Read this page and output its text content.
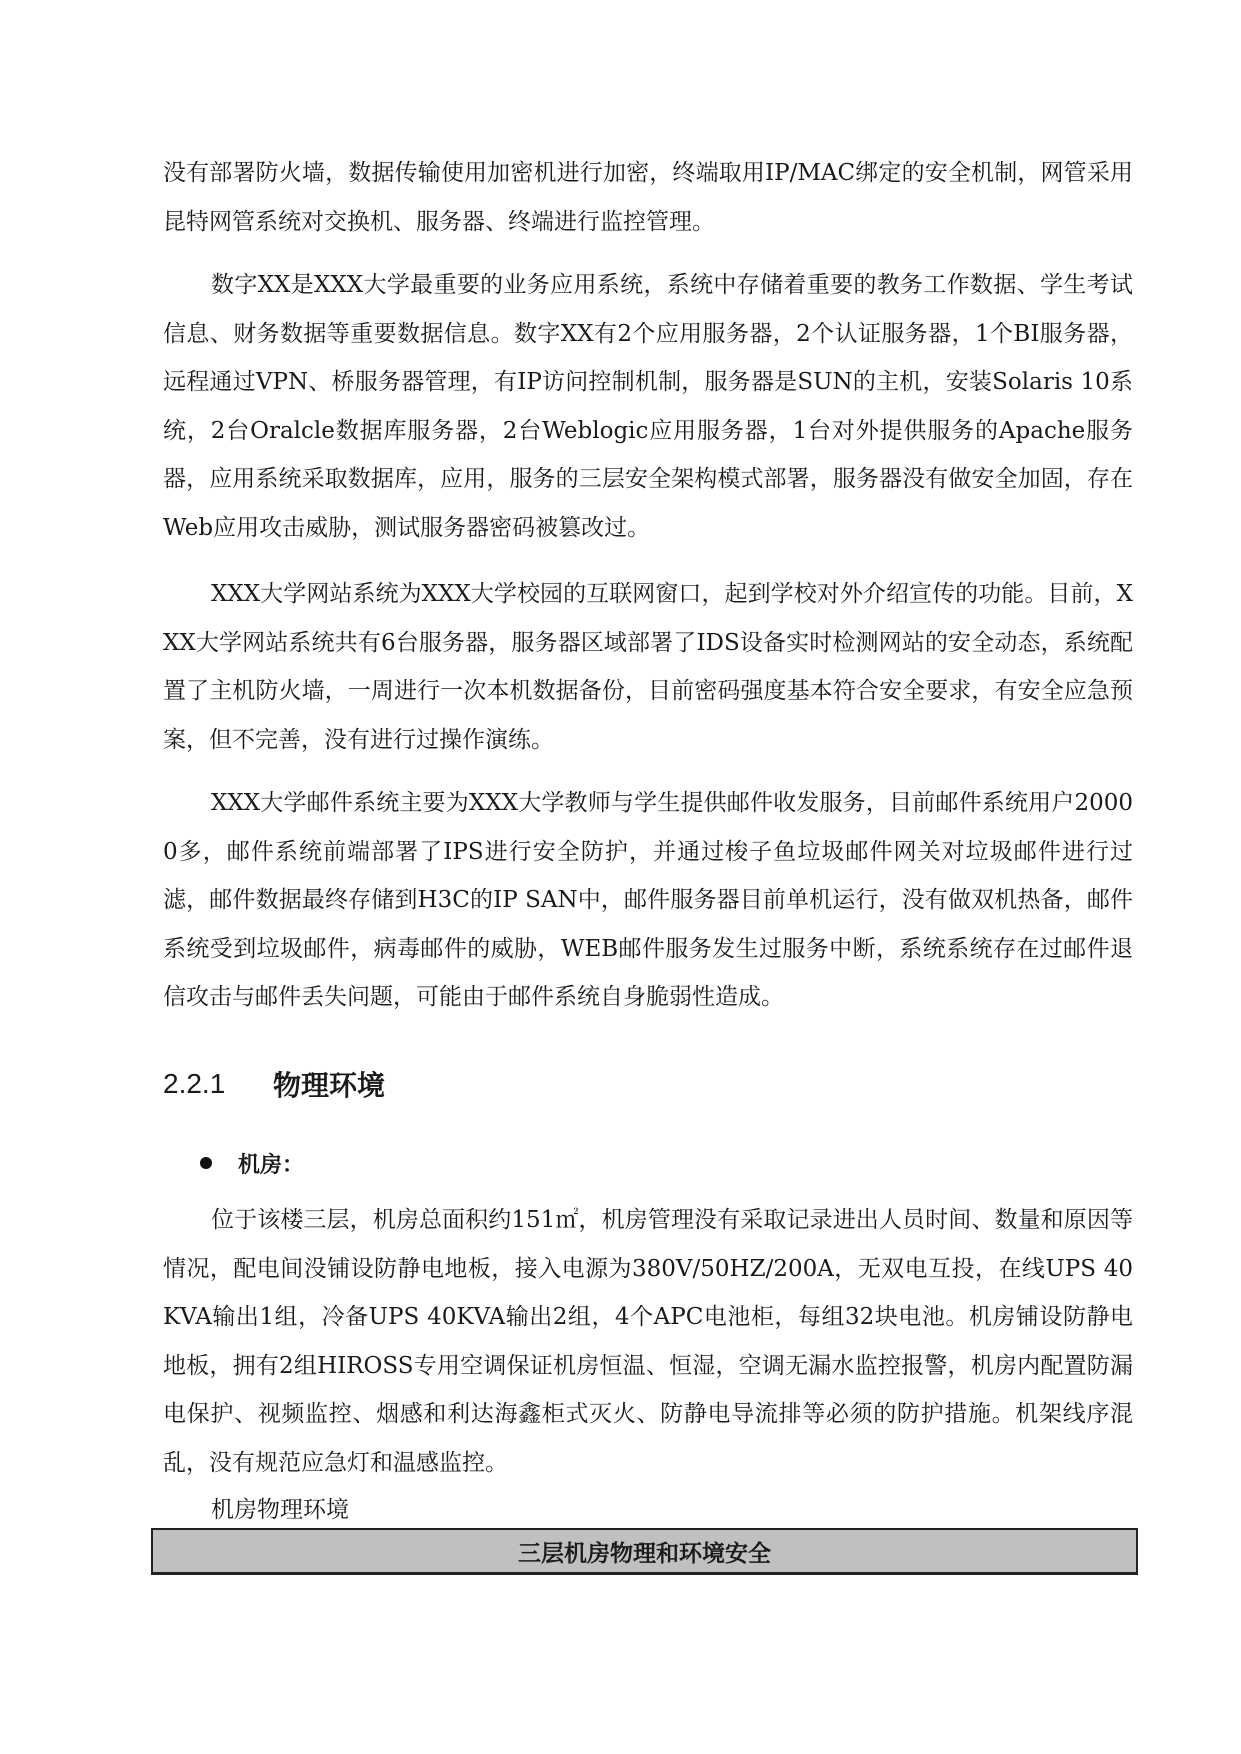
没有部署防火墙，数据传输使用加密机进行加密，终端取用IP/MAC绑定的安全机制，网管采用昆特网管系统对交换机、服务器、终端进行监控管理。

数字XX是XXX大学最重要的业务应用系统，系统中存储着重要的教务工作数据、学生考试信息、财务数据等重要数据信息。数字XX有2个应用服务器，2个认证服务器，1个BI服务器，远程通过VPN、桥服务器管理，有IP访问控制机制，服务器是SUN的主机，安装Solaris 10系统，2台Oralcle数据库服务器，2台Weblogic应用服务器，1台对外提供服务的Apache服务器，应用系统采取数据库，应用，服务的三层安全架构模式部署，服务器没有做安全加固，存在Web应用攻击威胁，测试服务器密码被篡改过。

XXX大学网站系统为XXX大学校园的互联网窗口，起到学校对外介绍宣传的功能。目前，XXX大学网站系统共有6台服务器，服务器区域部署了IDS设备实时检测网站的安全动态，系统配置了主机防火墙，一周进行一次本机数据备份，目前密码强度基本符合安全要求，有安全应急预案，但不完善，没有进行过操作演练。

XXX大学邮件系统主要为XXX大学教师与学生提供邮件收发服务，目前邮件系统用户20000多，邮件系统前端部署了IPS进行安全防护，并通过梭子鱼垃圾邮件网关对垃圾邮件进行过滤，邮件数据最终存储到H3C的IP SAN中，邮件服务器目前单机运行，没有做双机热备，邮件系统受到垃圾邮件，病毒邮件的威胁，WEB邮件服务发生过服务中断，系统系统存在过邮件退信攻击与邮件丢失问题，可能由于邮件系统自身脆弱性造成。

2.2.1	物理环境
机房：

位于该楼三层，机房总面积约151㎡，机房管理没有采取记录进出人员时间、数量和原因等情况，配电间没铺设防静电地板，接入电源为380V/50HZ/200A，无双电互投，在线UPS 40KVA输出1组，冷备UPS 40KVA输出2组，4个APC电池柜，每组32块电池。机房铺设防静电地板，拥有2组HIROSS专用空调保证机房恒温、恒湿，空调无漏水监控报警，机房内配置防漏电保护、视频监控、烟感和利达海鑫柜式灭火、防静电导流排等必须的防护措施。机架线序混乱，没有规范应急灯和温感监控。

机房物理环境

三层机房物理和环境安全
